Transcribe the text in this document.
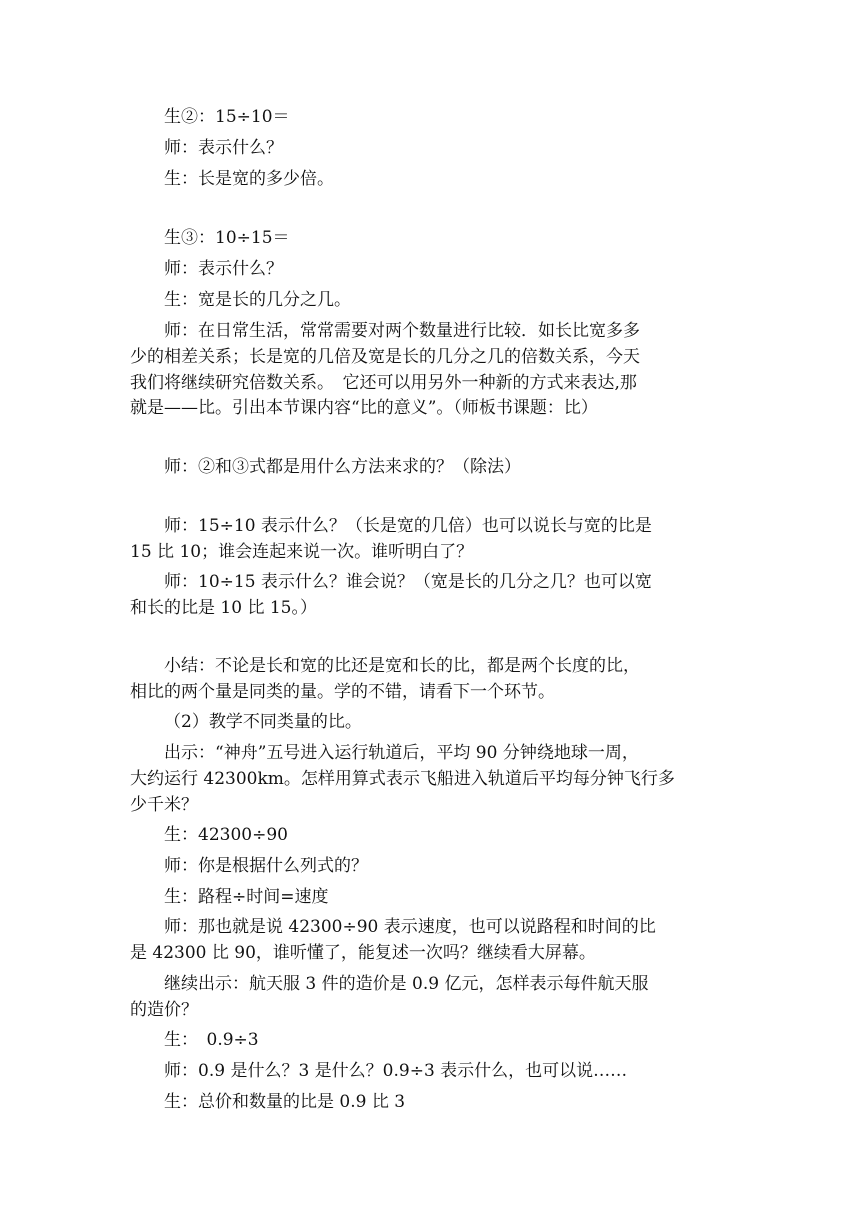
生②：15÷10＝
师：表示什么？
生：长是宽的多少倍。
生③：10÷15＝
师：表示什么？
生：宽是长的几分之几。
师：在日常生活，常常需要对两个数量进行比较．如长比宽多多
少的相差关系；长是宽的几倍及宽是长的几分之几的倍数关系，今天
我们将继续研究倍数关系。　它还可以用另外一种新的方式来表达,那
就是——比。引出本节课内容“比的意义”。（师板书课题：比）
师：②和③式都是用什么方法来求的？（除法）
师：15÷10 表示什么？（长是宽的几倍）也可以说长与宽的比是
15 比 10；谁会连起来说一次。谁听明白了？
师：10÷15 表示什么？谁会说？（宽是长的几分之几？也可以宽
和长的比是 10 比 15。）
小结：不论是长和宽的比还是宽和长的比，都是两个长度的比，
相比的两个量是同类的量。学的不错，请看下一个环节。
（2）教学不同类量的比。
出示：“神舟”五号进入运行轨道后，平均 90 分钟绕地球一周，
大约运行 42300km。怎样用算式表示飞船进入轨道后平均每分钟飞行多
少千米？
生：42300÷90
师：你是根据什么列式的？
生：路程÷时间=速度
师：那也就是说 42300÷90 表示速度，也可以说路程和时间的比
是 42300 比 90，谁听懂了，能复述一次吗？继续看大屏幕。
继续出示：航天服 3 件的造价是 0.9 亿元，怎样表示每件航天服
的造价？
生：　0.9÷3
师：0.9 是什么？3 是什么？0.9÷3 表示什么，也可以说……
生：总价和数量的比是 0.9 比 3
